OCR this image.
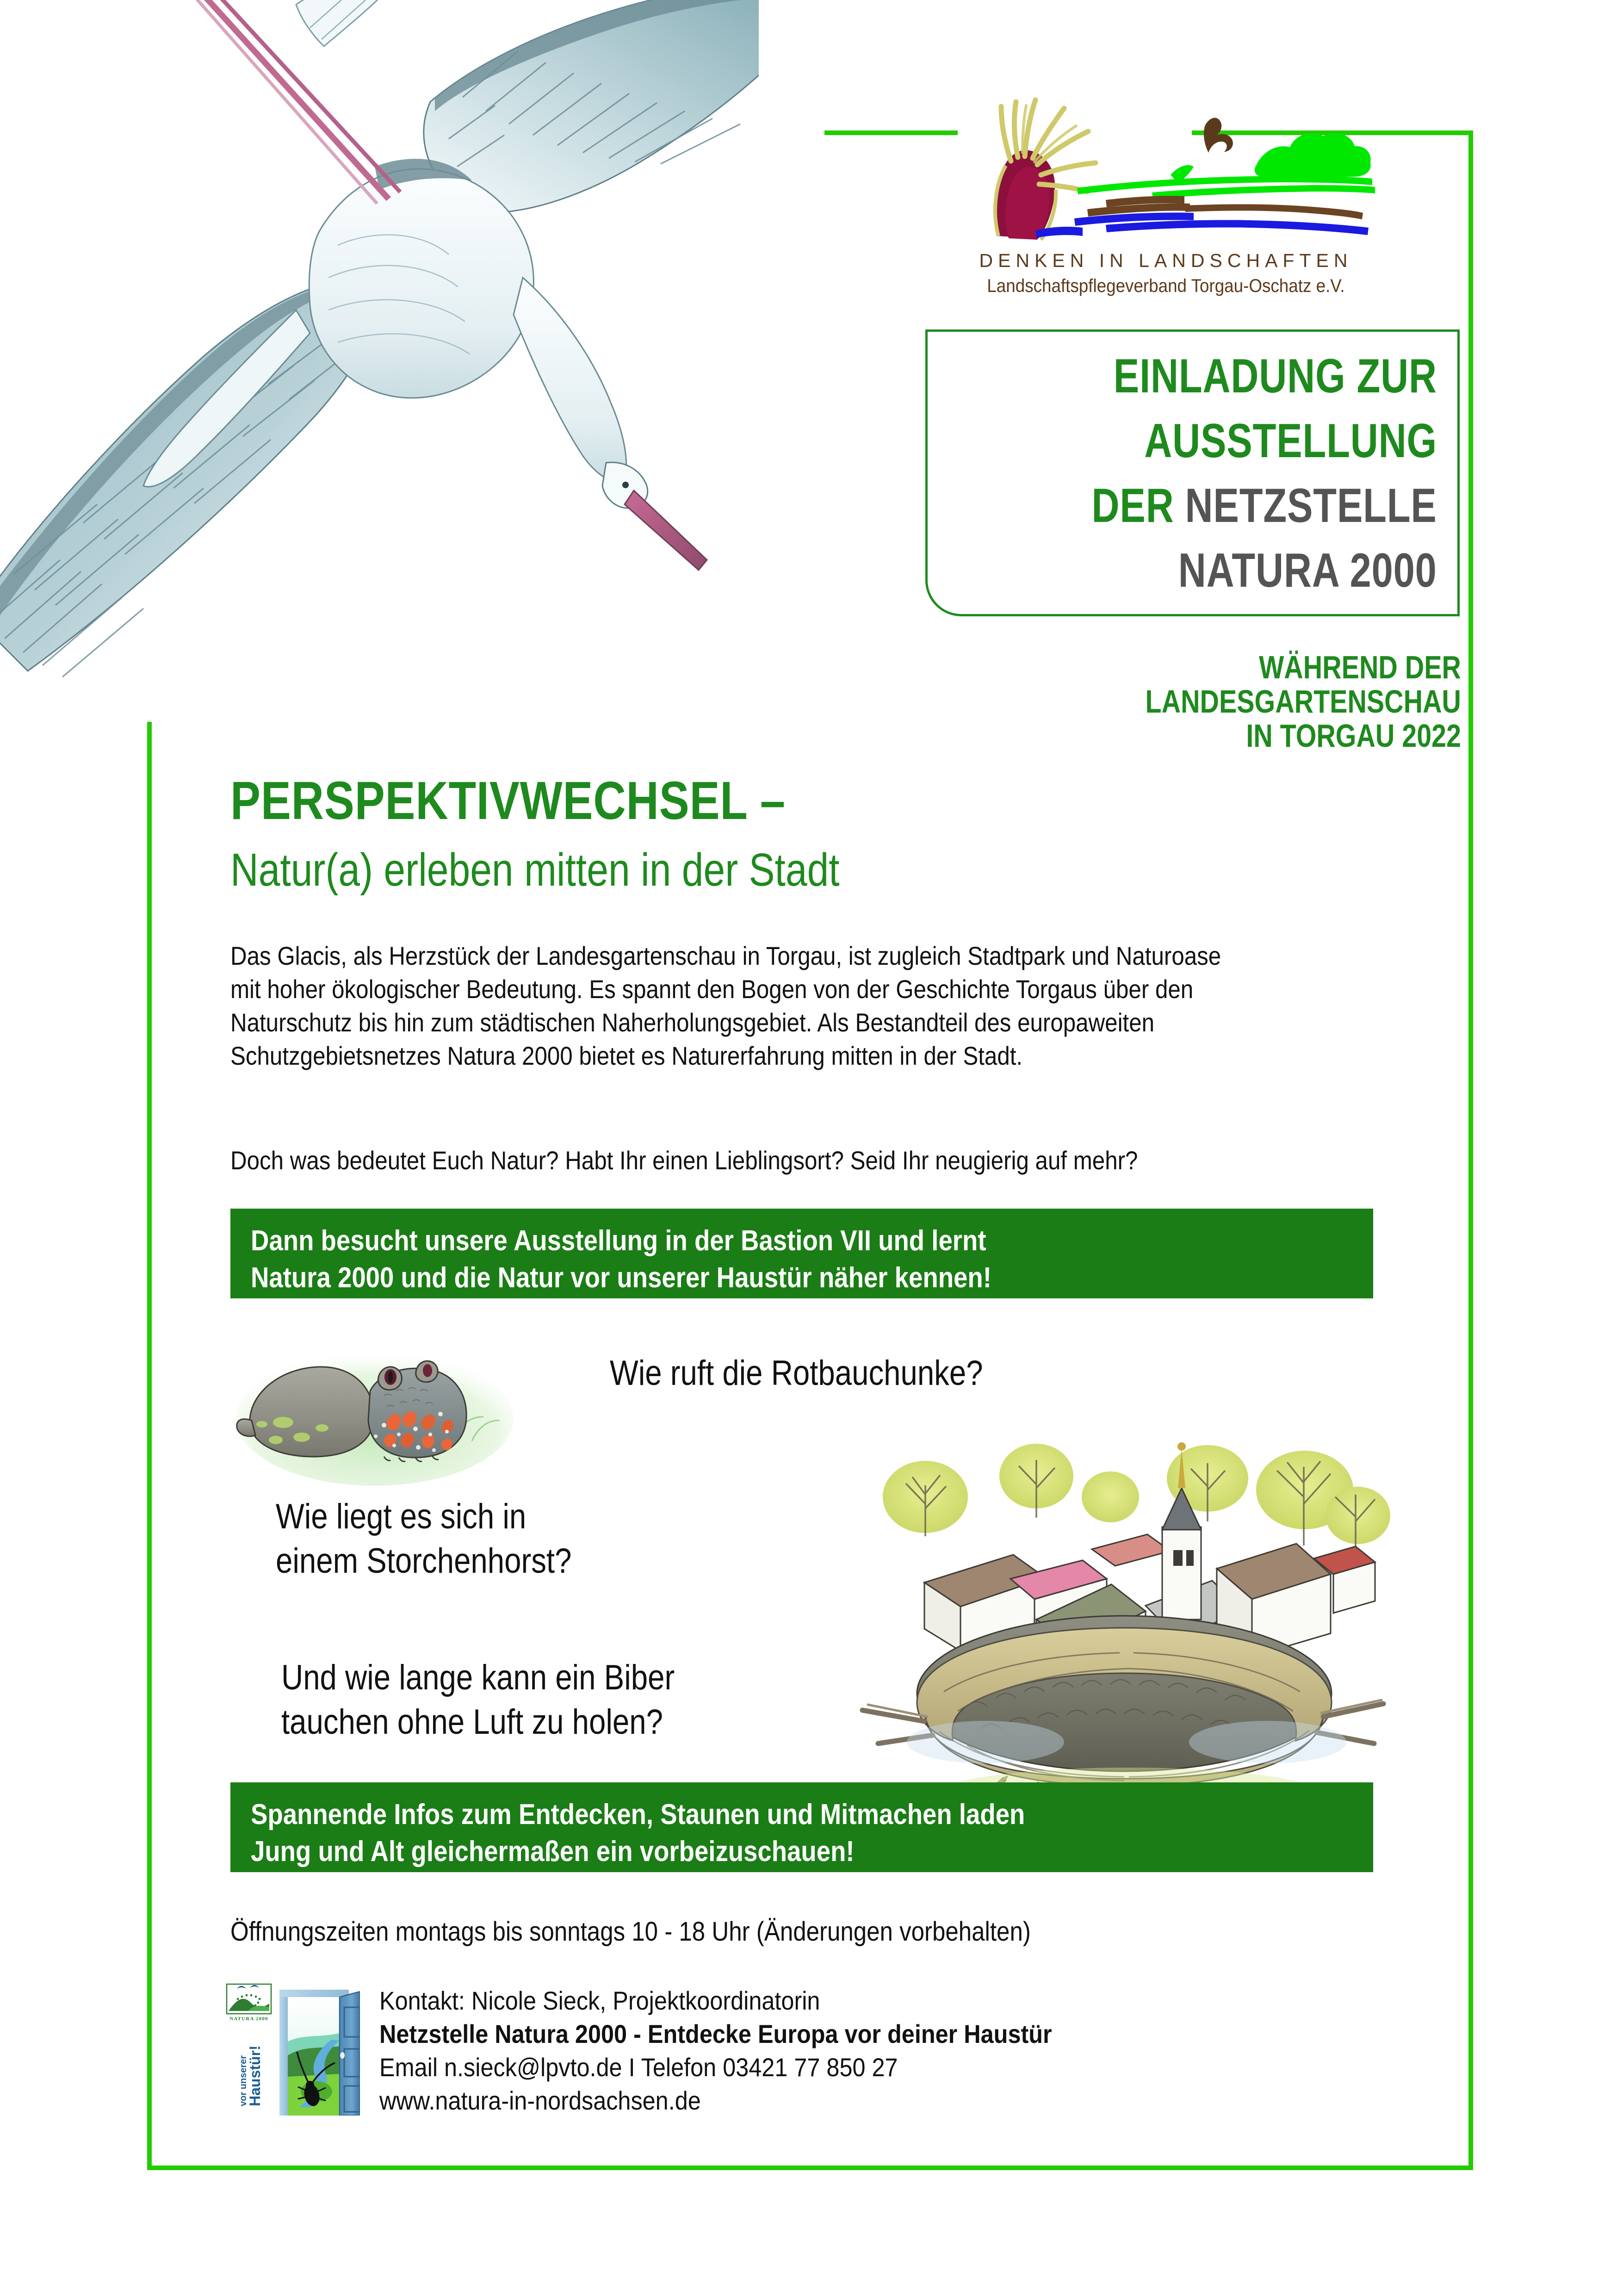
DENKEN IN LANDSCHAFTEN
Landschaftspflegeverband Torgau-Oschatz e.V.
EINLADUNG ZUR
AUSSTELLUNG
DER NETZSTELLE
NATURA 2000
WÄHREND DER
LANDESGARTENSCHAU
IN TORGAU 2022
PERSPEKTIVWECHSEL –
Natur(a) erleben mitten in der Stadt
Das Glacis, als Herzstück der Landesgartenschau in Torgau, ist zugleich Stadtpark und Naturoase mit hoher ökologischer Bedeutung. Es spannt den Bogen von der Geschichte Torgaus über den Naturschutz bis hin zum städtischen Naherholungsgebiet. Als Bestandteil des europaweiten Schutzgebietsnetzes Natura 2000 bietet es Naturerfahrung mitten in der Stadt.
Doch was bedeutet Euch Natur? Habt Ihr einen Lieblingsort? Seid Ihr neugierig auf mehr?
Dann besucht unsere Ausstellung in der Bastion VII und lernt
Natura 2000 und die Natur vor unserer Haustür näher kennen!
Wie ruft die Rotbauchunke?
Wie liegt es sich in
einem Storchenhorst?
Und wie lange kann ein Biber
tauchen ohne Luft zu holen?
Spannende Infos zum Entdecken, Staunen und Mitmachen laden
Jung und Alt gleichermaßen ein vorbeizuschauen!
Öffnungszeiten montags bis sonntags 10 - 18 Uhr (Änderungen vorbehalten)
NATURA 2000
vor unserer
Haustür!
Kontakt: Nicole Sieck, Projektkoordinatorin
Netzstelle Natura 2000 - Entdecke Europa vor deiner Haustür
Email n.sieck@lpvto.de I Telefon 03421 77 850 27
www.natura-in-nordsachsen.de
